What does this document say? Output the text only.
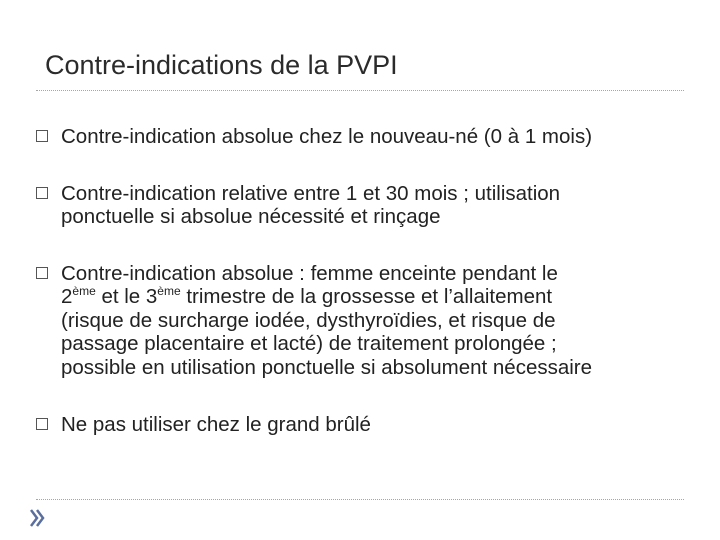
Contre-indications de la PVPI

Contre-indication absolue chez le nouveau-né (0 à 1 mois)

Contre-indication relative entre 1 et 30 mois ; utilisation

ponctuelle si absolue nécessité et rinçage

Contre-indication absolue : femme enceinte pendant le

2ème et le 3ème trimestre de la grossesse et l’allaitement

(risque de surcharge iodée, dysthyroïdies, et risque de

passage placentaire et lacté) de traitement prolongée ;

possible en utilisation ponctuelle si absolument nécessaire

Ne pas utiliser chez le grand brûlé
